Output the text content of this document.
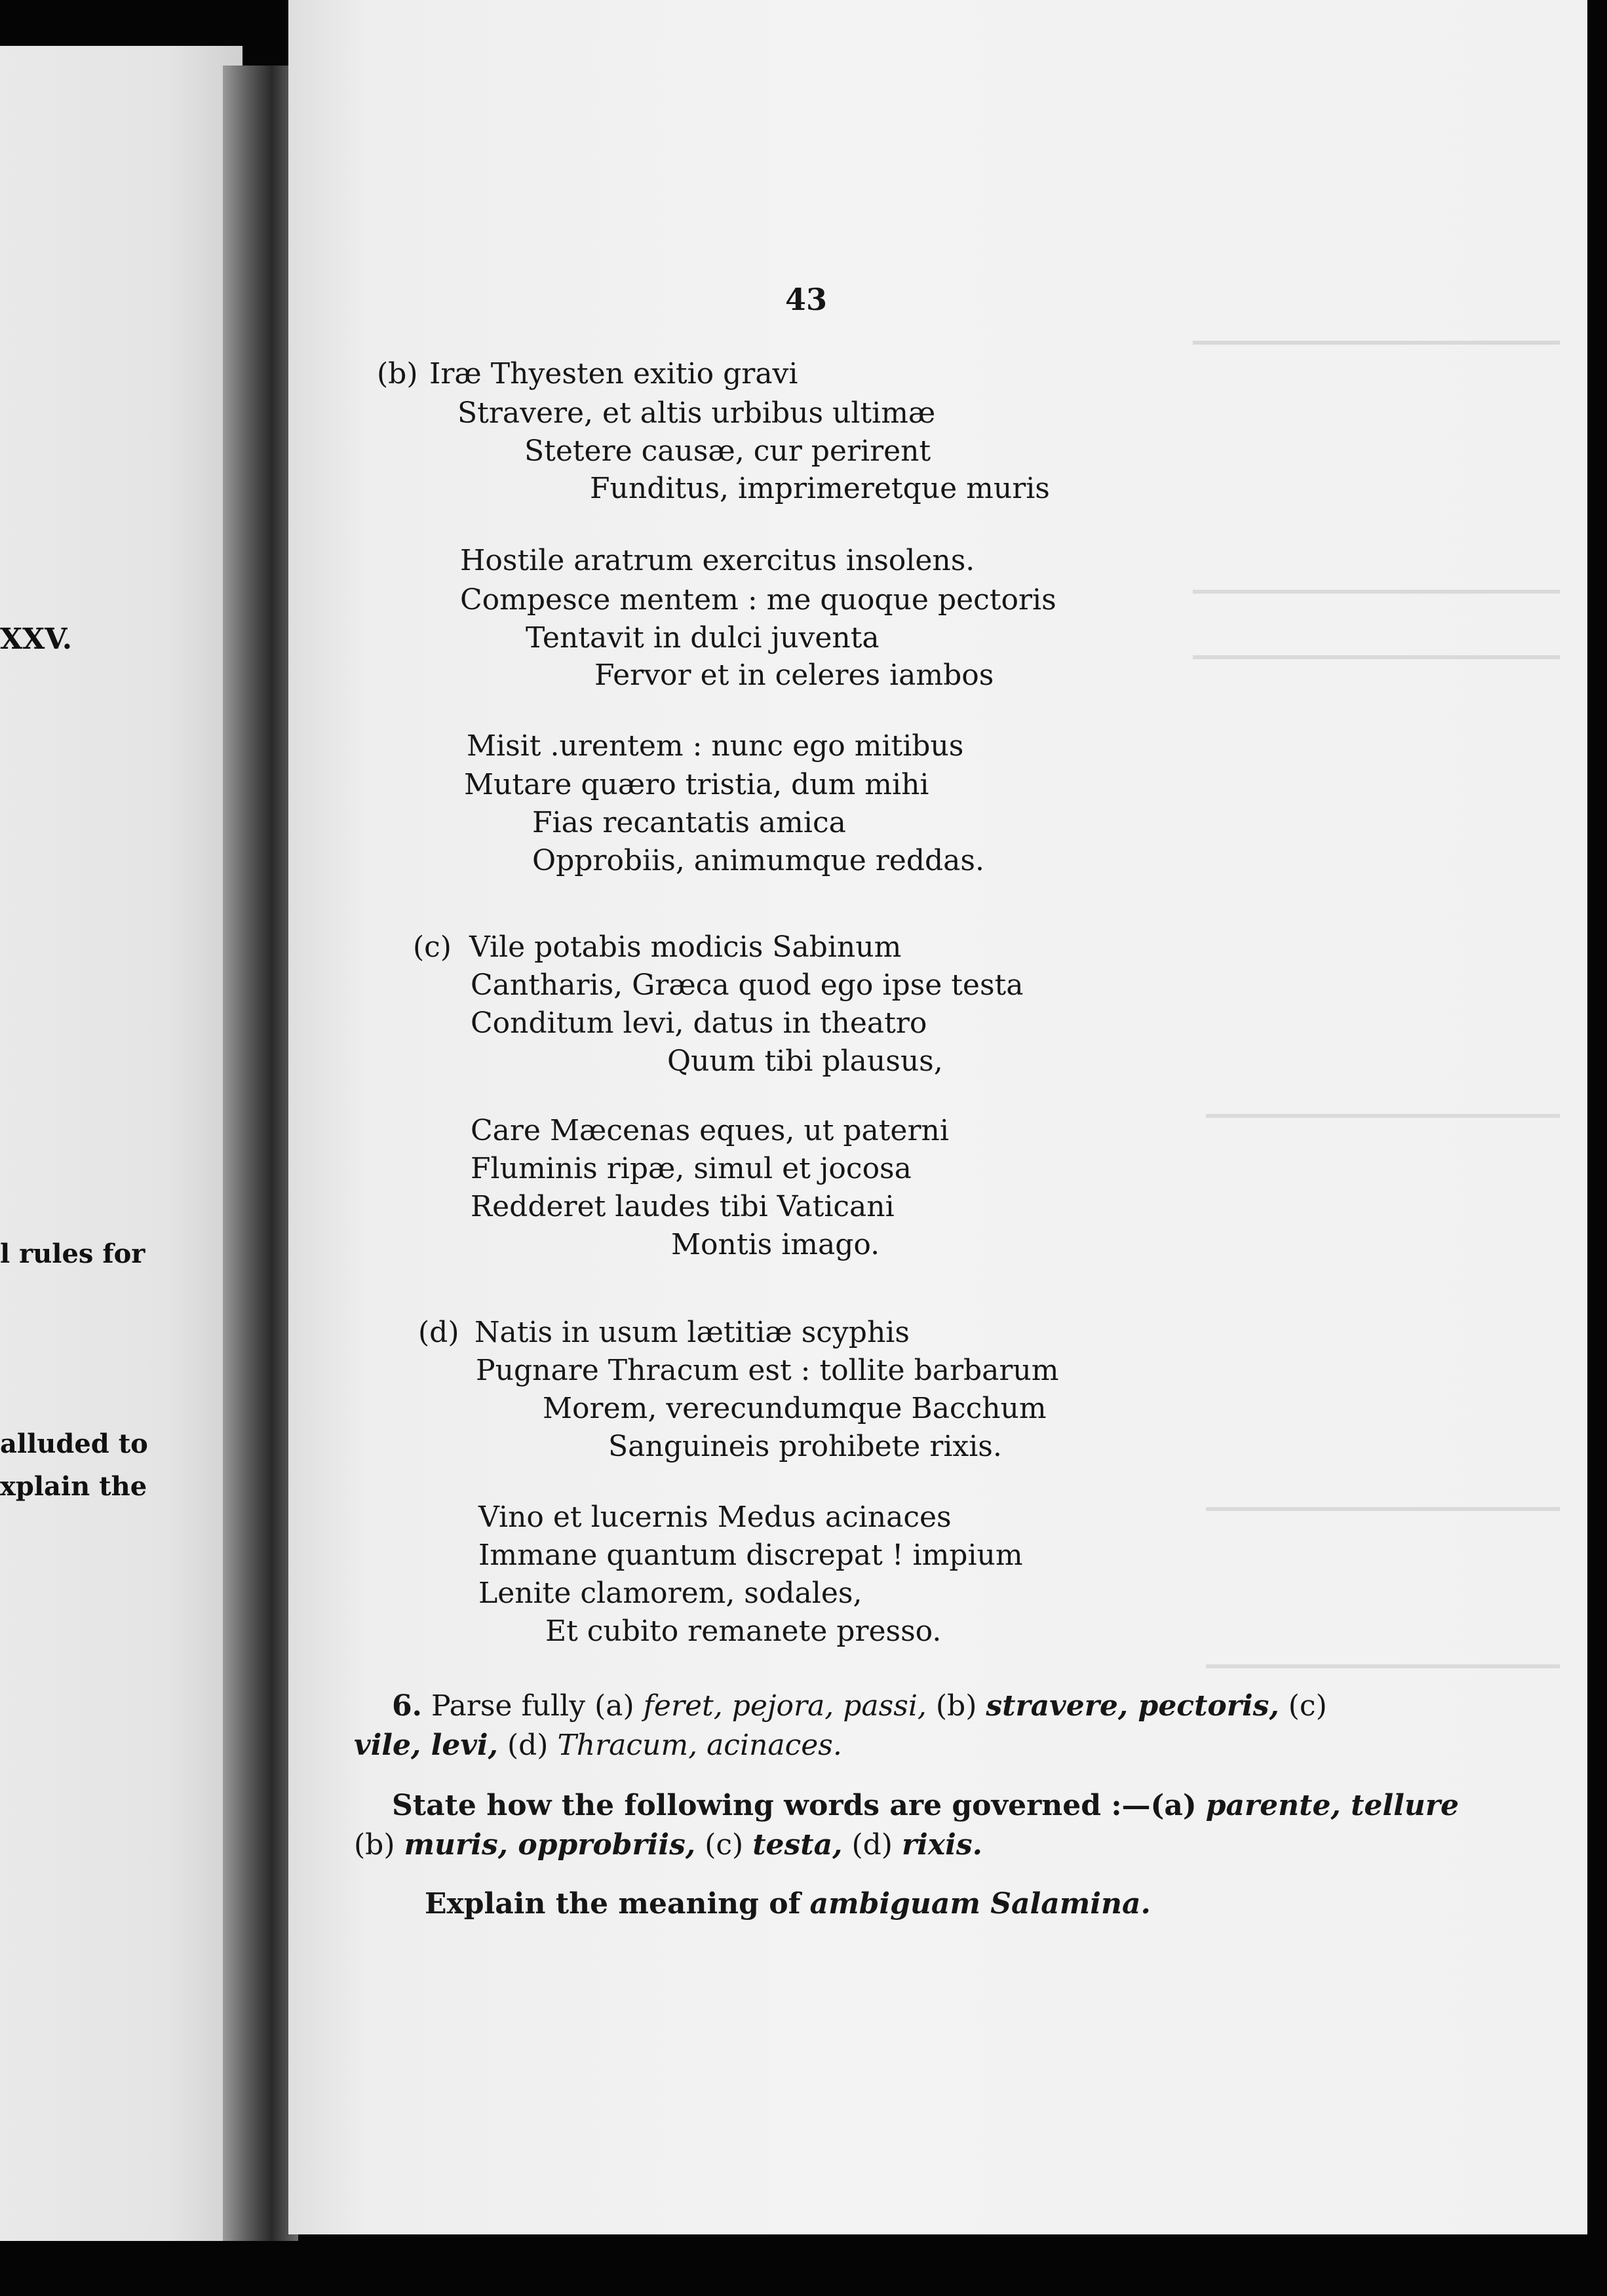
XXV.
l rules for
alluded to
xplain the
43
(b) Iræ Thyesten exitio gravi
Stravere, et altis urbibus ultimæ
Stetere causæ, cur perirent
Funditus, imprimeretque muris
Hostile aratrum exercitus insolens.
Compesce mentem : me quoque pectoris
Tentavit in dulci juventa
Fervor et in celeres iambos
Misit .urentem : nunc ego mitibus
Mutare quæro tristia, dum mihi
Fias recantatis amica
Opprobiis, animumque reddas.
(c) Vile potabis modicis Sabinum
Cantharis, Græca quod ego ipse testa
Conditum levi, datus in theatro
Quum tibi plausus,
Care Mæcenas eques, ut paterni
Fluminis ripæ, simul et jocosa
Redderet laudes tibi Vaticani
Montis imago.
(d) Natis in usum lætitiæ scyphis
Pugnare Thracum est : tollite barbarum
Morem, verecundumque Bacchum
Sanguineis prohibete rixis.
Vino et lucernis Medus acinaces
Immane quantum discrepat ! impium
Lenite clamorem, sodales,
Et cubito remanete presso.
6. Parse fully (a) feret, pejora, passi, (b) stravere, pectoris, (c)
vile, levi, (d) Thracum, acinaces.
State how the following words are governed :—(a) parente, tellure
(b) muris, opprobriis, (c) testa, (d) rixis.
Explain the meaning of ambiguam Salamina.
